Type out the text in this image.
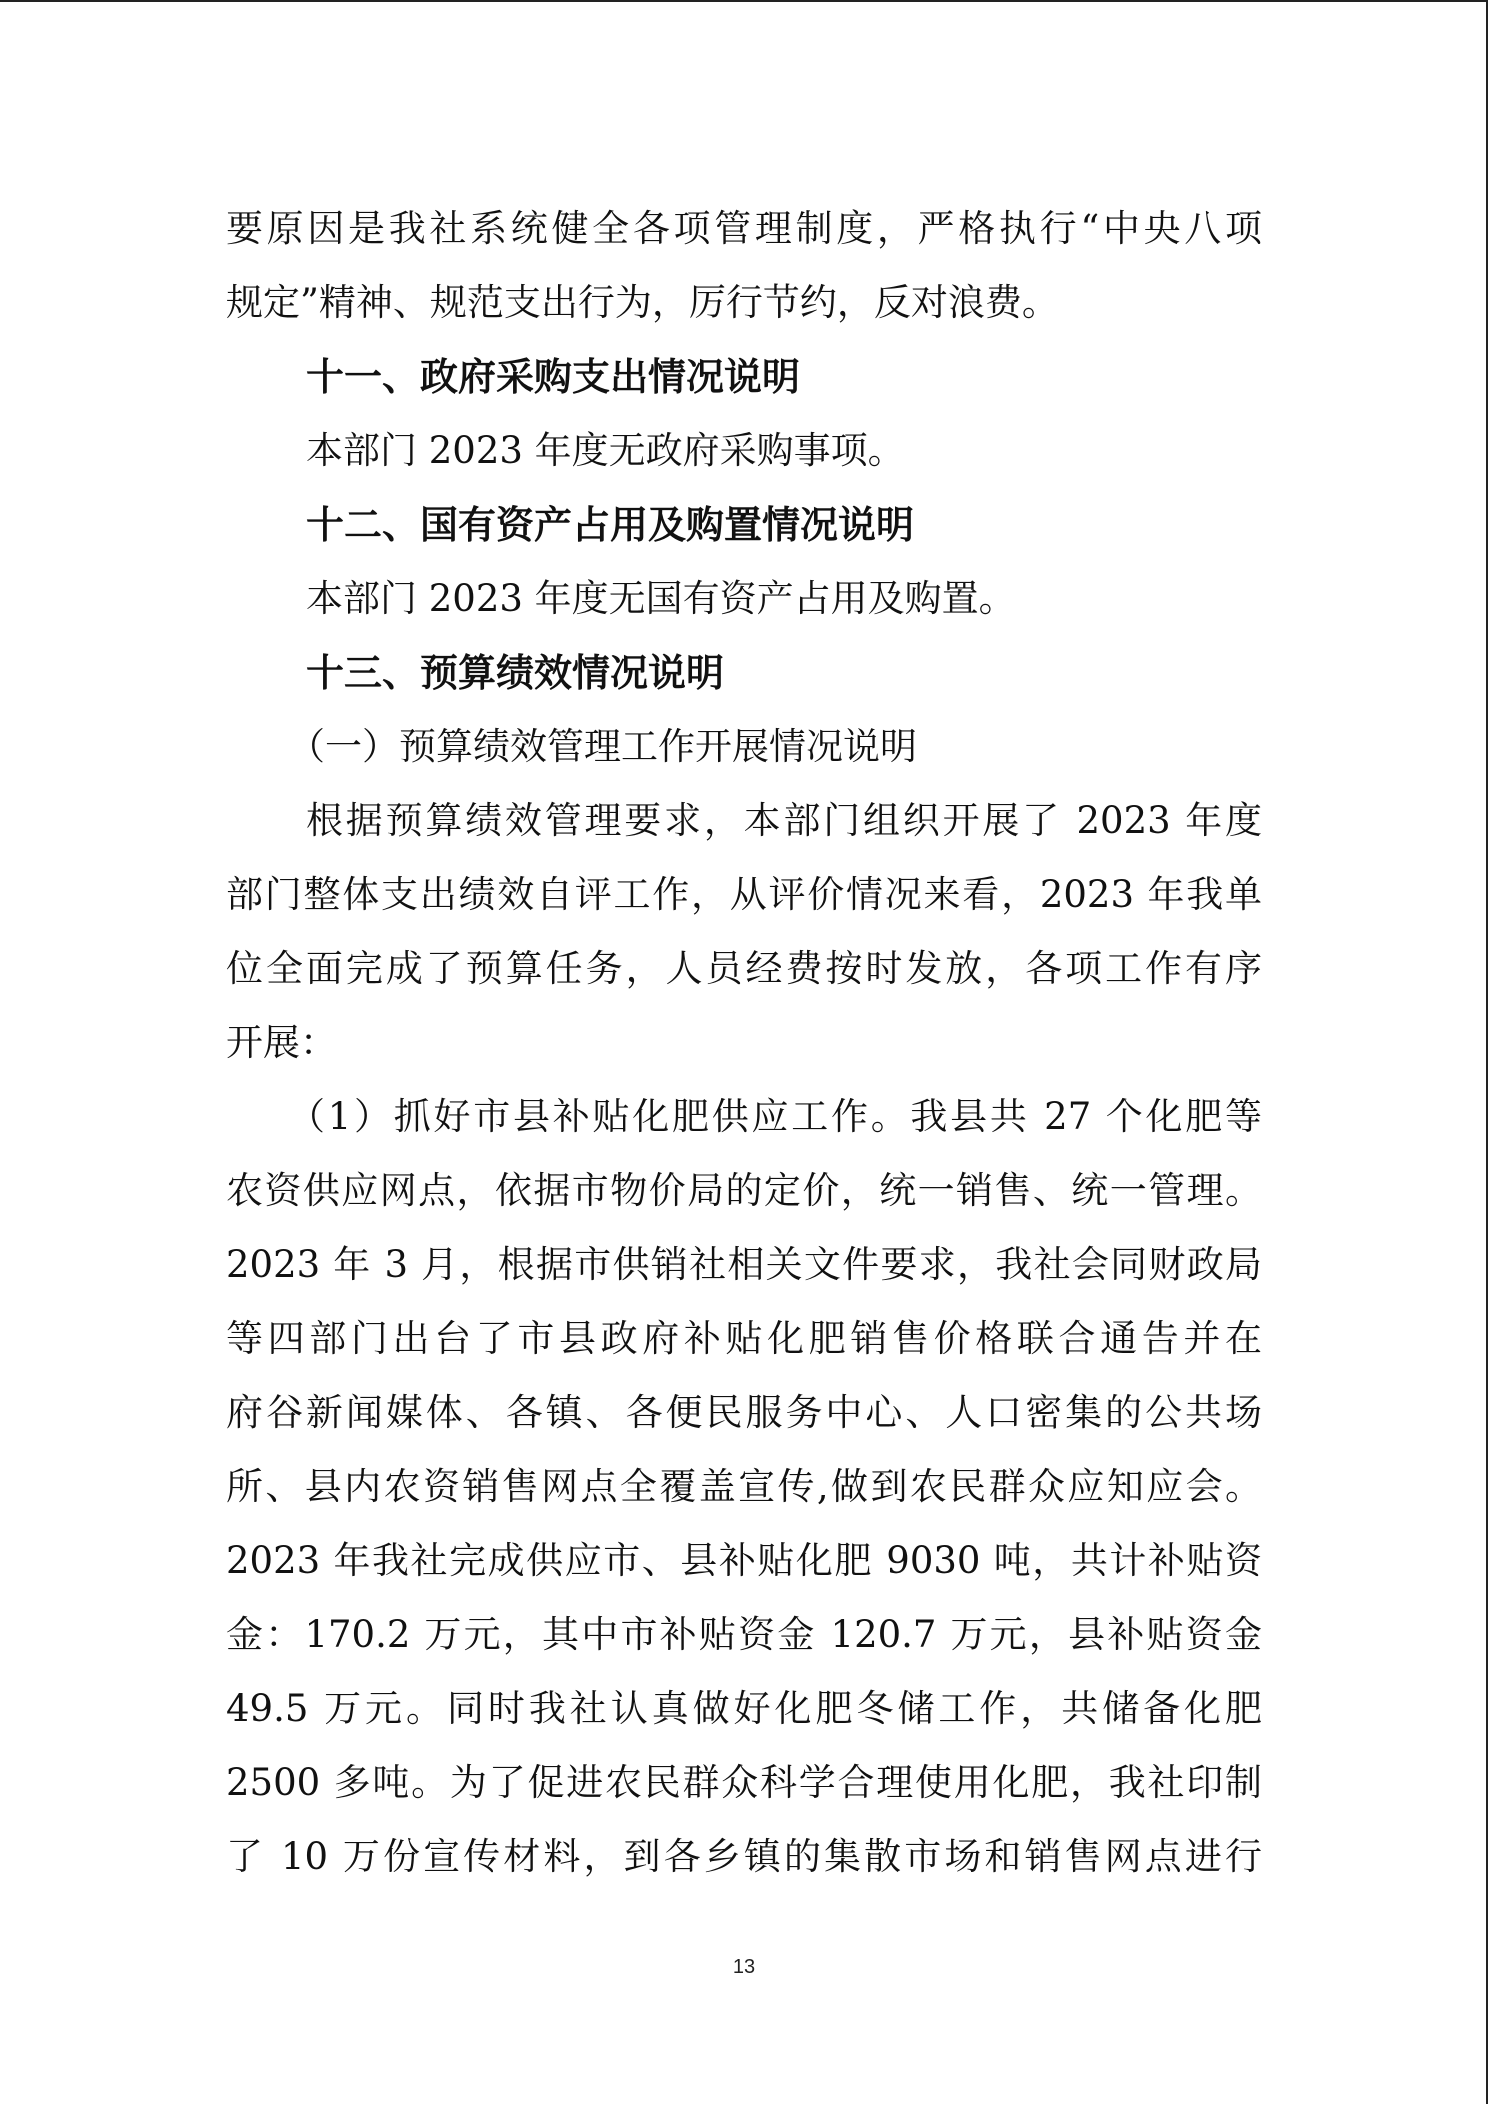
要原因是我社系统健全各项管理制度，严格执行“中央八项
规定”精神、规范支出行为，厉行节约，反对浪费。
十一、政府采购支出情况说明
本部门 2023 年度无政府采购事项。
十二、国有资产占用及购置情况说明
本部门 2023 年度无国有资产占用及购置。
十三、预算绩效情况说明
（一）预算绩效管理工作开展情况说明
根据预算绩效管理要求，本部门组织开展了 2023 年度
部门整体支出绩效自评工作，从评价情况来看，2023 年我单
位全面完成了预算任务，人员经费按时发放，各项工作有序
开展：
（1）抓好市县补贴化肥供应工作。我县共 27 个化肥等
农资供应网点，依据市物价局的定价，统一销售、统一管理。
2023 年 3 月，根据市供销社相关文件要求，我社会同财政局
等四部门出台了市县政府补贴化肥销售价格联合通告并在
府谷新闻媒体、各镇、各便民服务中心、人口密集的公共场
所、县内农资销售网点全覆盖宣传,做到农民群众应知应会。
2023 年我社完成供应市、县补贴化肥 9030 吨，共计补贴资
金：170.2 万元，其中市补贴资金 120.7 万元，县补贴资金
49.5 万元。同时我社认真做好化肥冬储工作，共储备化肥
2500 多吨。为了促进农民群众科学合理使用化肥，我社印制
了 10 万份宣传材料，到各乡镇的集散市场和销售网点进行
13
